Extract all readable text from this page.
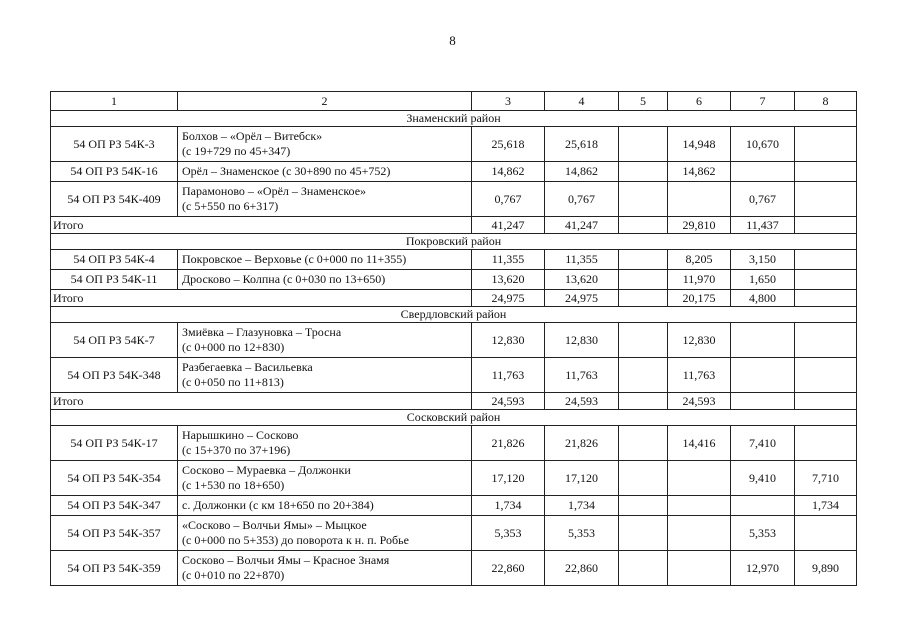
8
1	2	3	4	5	6	7	8
Знаменский район							
54 ОП РЗ 54К-3	Болхов – «Орёл – Витебск»
(с 19+729 по 45+347)	25,618	25,618		14,948	10,670	
54 ОП РЗ 54К-16	Орёл – Знаменское (с 30+890 по 45+752)	14,862	14,862		14,862		
54 ОП РЗ 54К-409	Парамоново – «Орёл – Знаменское»
(с 5+550 по 6+317)	0,767	0,767			0,767	
Итого		41,247	41,247		29,810	11,437	
Покровский район							
54 ОП РЗ 54К-4	Покровское – Верховье (с 0+000 по 11+355)	11,355	11,355		8,205	3,150	
54 ОП РЗ 54К-11	Дросково – Колпна (с 0+030 по 13+650)	13,620	13,620		11,970	1,650	
Итого		24,975	24,975		20,175	4,800	
Свердловский район							
54 ОП РЗ 54К-7	Змиёвка – Глазуновка – Тросна
(с 0+000 по 12+830)	12,830	12,830		12,830		
54 ОП РЗ 54К-348	Разбегаевка – Васильевка
(с 0+050 по 11+813)	11,763	11,763		11,763		
Итого		24,593	24,593		24,593		
Сосковский район							
54 ОП РЗ 54К-17	Нарышкино – Сосково
(с 15+370 по 37+196)	21,826	21,826		14,416	7,410	
54 ОП РЗ 54К-354	Сосково – Мураевка – Должонки
(с 1+530 по 18+650)	17,120	17,120			9,410	7,710
54 ОП РЗ 54К-347	с. Должонки (с км 18+650 по 20+384)	1,734	1,734				1,734
54 ОП РЗ 54К-357	«Сосково – Волчьи Ямы» – Мыцкое
(с 0+000 по 5+353) до поворота к н. п. Робье	5,353	5,353			5,353	
54 ОП РЗ 54К-359	Сосково – Волчьи Ямы – Красное Знамя
(с 0+010 по 22+870)	22,860	22,860			12,970	9,890
